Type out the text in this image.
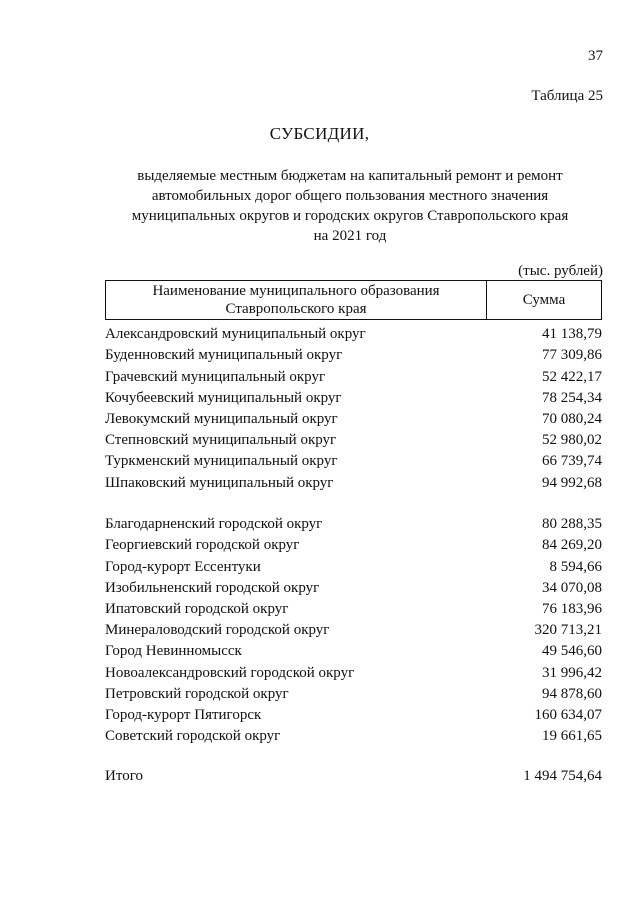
37
Таблица 25
СУБСИДИИ,
выделяемые местным бюджетам на капитальный ремонт и ремонт
автомобильных дорог общего пользования местного значения
муниципальных округов и городских округов Ставропольского края
на 2021 год
(тыс. рублей)
Наименование муниципального образования
Ставропольского края
Сумма
Александровский муниципальный округ	41 138,79
Буденновский муниципальный округ	77 309,86
Грачевский муниципальный округ	52 422,17
Кочубеевский муниципальный округ	78 254,34
Левокумский муниципальный округ	70 080,24
Степновский муниципальный округ	52 980,02
Туркменский муниципальный округ	66 739,74
Шпаковский муниципальный округ	94 992,68
Благодарненский городской округ	80 288,35
Георгиевский городской округ	84 269,20
Город-курорт Ессентуки	8 594,66
Изобильненский городской округ	34 070,08
Ипатовский городской округ	76 183,96
Минераловодский городской округ	320 713,21
Город Невинномысск	49 546,60
Новоалександровский городской округ	31 996,42
Петровский городской округ	94 878,60
Город-курорт Пятигорск	160 634,07
Советский городской округ	19 661,65
Итого	1 494 754,64
